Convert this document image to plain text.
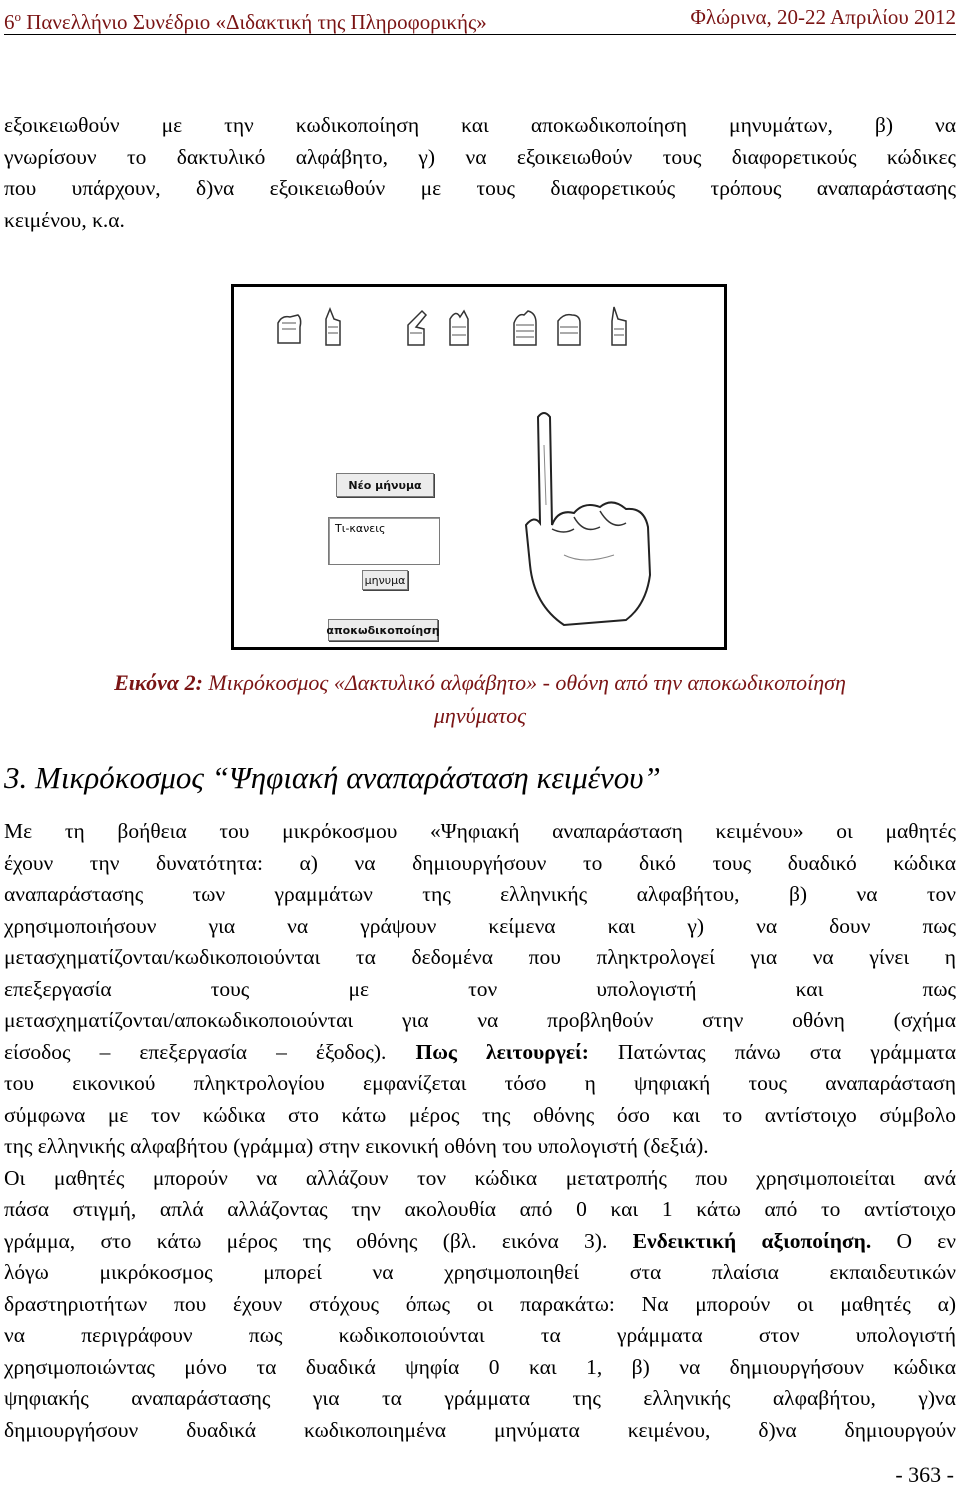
$6^o$ Πανελλήνιο Συνέδριο «Διδακτική της Πληροφορικής»	Φλώρινα, 20-22 Απριλίου 2012
εξοικειωθούν με την κωδικοποίηση και αποκωδικοποίηση μηνυμάτων, β) να
γνωρίσουν το δακτυλικό αλφάβητο, γ) να εξοικειωθούν τους διαφορετικούς κώδικες
που υπάρχουν, δ)να εξοικειωθούν με τους διαφορετικούς τρόπους αναπαράστασης
κειμένου, κ.α.
Νέο μήνυμα
Τι-κανεις
μηνυμα
αποκωδικοποίηση
Εικόνα 2: Μικρόκοσμος «Δακτυλικό αλφάβητο» - οθόνη από την αποκωδικοποίηση
μηνύματος
3. Μικρόκοσμος “Ψηφιακή αναπαράσταση κειμένου”
Με τη βοήθεια του μικρόκοσμου «Ψηφιακή αναπαράσταση κειμένου» οι μαθητές
έχουν την δυνατότητα: α) να δημιουργήσουν το δικό τους δυαδικό κώδικα
αναπαράστασης των γραμμάτων της ελληνικής αλφαβήτου, β) να τον
χρησιμοποιήσουν για να γράψουν κείμενα και γ) να δουν πως
μετασχηματίζονται/κωδικοποιούνται τα δεδομένα που πληκτρολογεί για να γίνει η
επεξεργασία τους με τον υπολογιστή και πως
μετασχηματίζονται/αποκωδικοποιούνται για να προβληθούν στην οθόνη (σχήμα
είσοδος – επεξεργασία – έξοδος). Πως λειτουργεί: Πατώντας πάνω στα γράμματα
του εικονικού πληκτρολογίου εμφανίζεται τόσο η ψηφιακή τους αναπαράσταση
σύμφωνα με τον κώδικα στο κάτω μέρος της οθόνης όσο και το αντίστοιχο σύμβολο
της ελληνικής αλφαβήτου (γράμμα) στην εικονική οθόνη του υπολογιστή (δεξιά).
Οι μαθητές μπορούν να αλλάζουν τον κώδικα μετατροπής που χρησιμοποιείται ανά
πάσα στιγμή, απλά αλλάζοντας την ακολουθία από 0 και 1 κάτω από το αντίστοιχο
γράμμα, στο κάτω μέρος της οθόνης (βλ. εικόνα 3). Ενδεικτική αξιοποίηση. Ο εν
λόγω μικρόκοσμος μπορεί να χρησιμοποιηθεί στα πλαίσια εκπαιδευτικών
δραστηριοτήτων που έχουν στόχους όπως οι παρακάτω: Να μπορούν οι μαθητές α)
να περιγράφουν πως κωδικοποιούνται τα γράμματα στον υπολογιστή
χρησιμοποιώντας μόνο τα δυαδικά ψηφία 0 και 1, β) να δημιουργήσουν κώδικα
ψηφιακής αναπαράστασης για τα γράμματα της ελληνικής αλφαβήτου, γ)να
δημιουργήσουν δυαδικά κωδικοποιημένα μηνύματα κειμένου, δ)να δημιουργούν
- 363 -
